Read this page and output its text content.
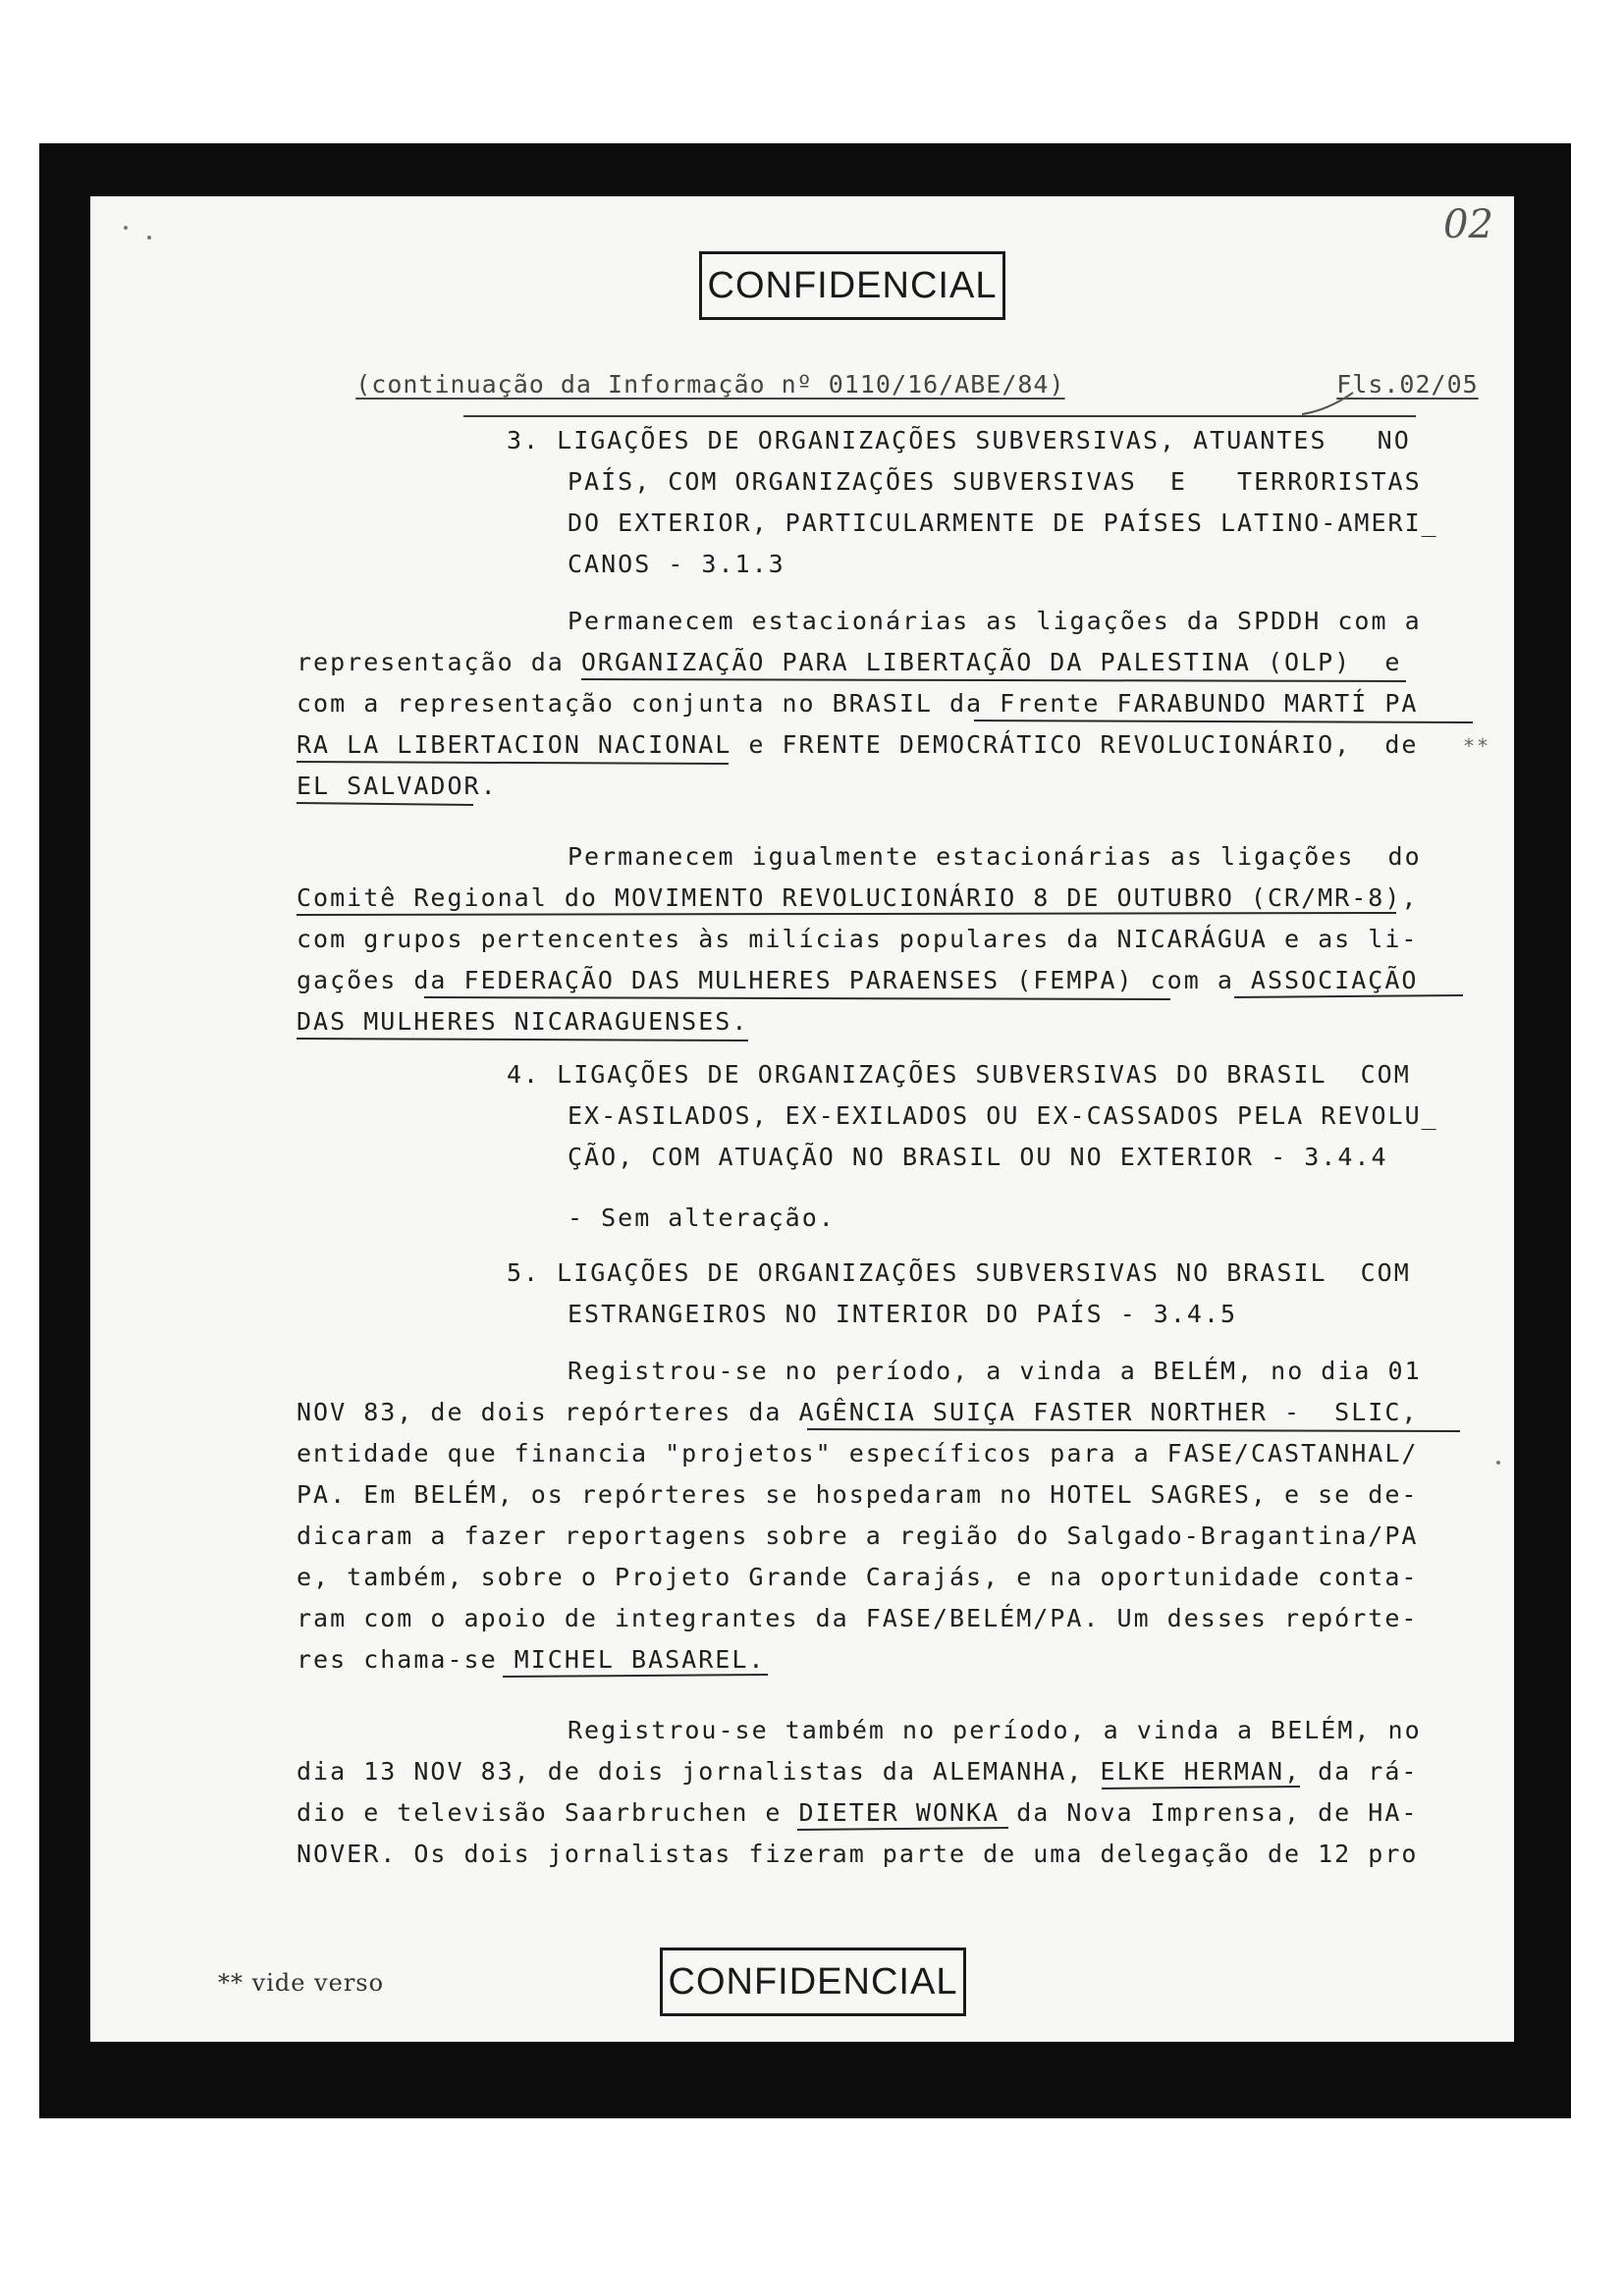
CONFIDENCIAL
02

(continuação da Informação nº 0110/16/ABE/84)
	Fls.02/05

3. LIGAÇÕES DE ORGANIZAÇÕES SUBVERSIVAS, ATUANTES   NO
PAÍS, COM ORGANIZAÇÕES SUBVERSIVAS  E   TERRORISTAS
DO EXTERIOR, PARTICULARMENTE DE PAÍSES LATINO-AMERI_
CANOS - 3.1.3
Permanecem estacionárias as ligações da SPDDH com a
representação da ORGANIZAÇÃO PARA LIBERTAÇÃO DA PALESTINA (OLP)  e
com a representação conjunta no BRASIL da Frente FARABUNDO MARTÍ PA
RA LA LIBERTACION NACIONAL e FRENTE DEMOCRÁTICO REVOLUCIONÁRIO,  de
EL SALVADOR.
**
Permanecem igualmente estacionárias as ligações  do
Comitê Regional do MOVIMENTO REVOLUCIONÁRIO 8 DE OUTUBRO (CR/MR-8),
com grupos pertencentes às milícias populares da NICARÁGUA e as li-
gações da FEDERAÇÃO DAS MULHERES PARAENSES (FEMPA) com a ASSOCIAÇÃO
DAS MULHERES NICARAGUENSES.
4. LIGAÇÕES DE ORGANIZAÇÕES SUBVERSIVAS DO BRASIL  COM
EX-ASILADOS, EX-EXILADOS OU EX-CASSADOS PELA REVOLU_
ÇÃO, COM ATUAÇÃO NO BRASIL OU NO EXTERIOR - 3.4.4
- Sem alteração.
5. LIGAÇÕES DE ORGANIZAÇÕES SUBVERSIVAS NO BRASIL  COM
ESTRANGEIROS NO INTERIOR DO PAÍS - 3.4.5
Registrou-se no período, a vinda a BELÉM, no dia 01
NOV 83, de dois repórteres da AGÊNCIA SUIÇA FASTER NORTHER -  SLIC,
entidade que financia "projetos" específicos para a FASE/CASTANHAL/
PA. Em BELÉM, os repórteres se hospedaram no HOTEL SAGRES, e se de-
dicaram a fazer reportagens sobre a região do Salgado-Bragantina/PA
e, também, sobre o Projeto Grande Carajás, e na oportunidade conta-
ram com o apoio de integrantes da FASE/BELÉM/PA. Um desses repórte-
res chama-se MICHEL BASAREL.
Registrou-se também no período, a vinda a BELÉM, no
dia 13 NOV 83, de dois jornalistas da ALEMANHA, ELKE HERMAN, da rá-
dio e televisão Saarbruchen e DIETER WONKA da Nova Imprensa, de HA-
NOVER. Os dois jornalistas fizeram parte de uma delegação de 12 pro
** vide verso	CONFIDENCIAL
